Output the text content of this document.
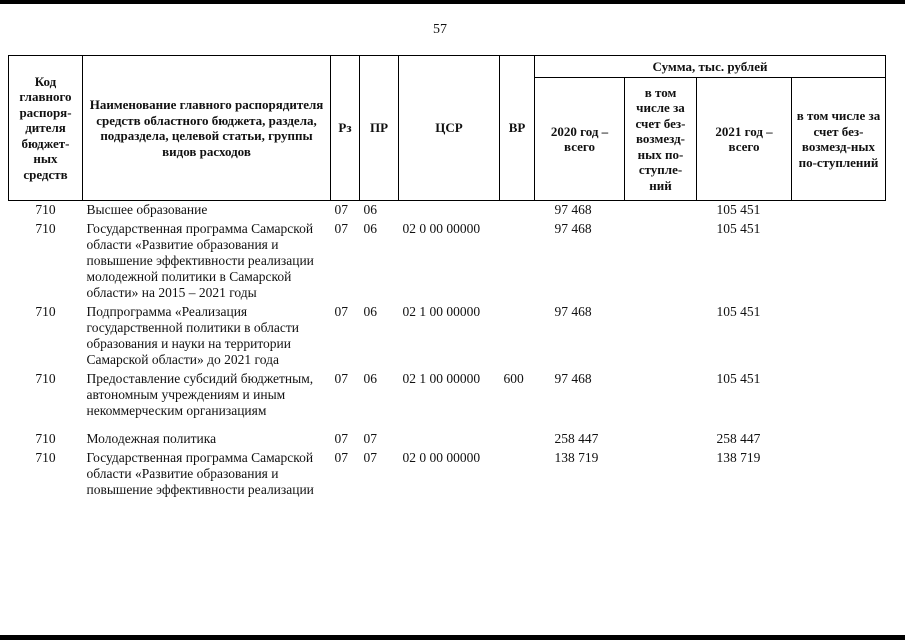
57
Код главного распоря-дителя бюджет-ных средств	Наименование главного распорядителя средств областного бюджета, раздела, подраздела, целевой статьи, группы видов расходов	Рз	ПР	ЦСР	ВР	Сумма, тыс. рублей			
						2020 год – всего	в том числе за счет без-возмезд-ных по-ступле-ний	2021 год – всего	в том числе за счет без-возмезд-ных по-ступлений
710	Высшее образование	07	06			97 468		105 451	
710	Государственная программа Самарской области «Развитие образования и повышение эффективности реализации молодежной политики в Самарской области» на 2015 – 2021 годы	07	06	02 0 00 00000		97 468		105 451	
710	Подпрограмма «Реализация государственной политики в области образования и науки на территории Самарской области» до 2021 года	07	06	02 1 00 00000		97 468		105 451	
710	Предоставление субсидий бюджетным, автономным учреждениям и иным некоммерческим организациям	07	06	02 1 00 00000	600	97 468		105 451	
710	Молодежная политика	07	07			258 447		258 447	
710	Государственная программа Самарской области «Развитие образования и повышение эффективности реализации	07	07	02 0 00 00000		138 719		138 719	
